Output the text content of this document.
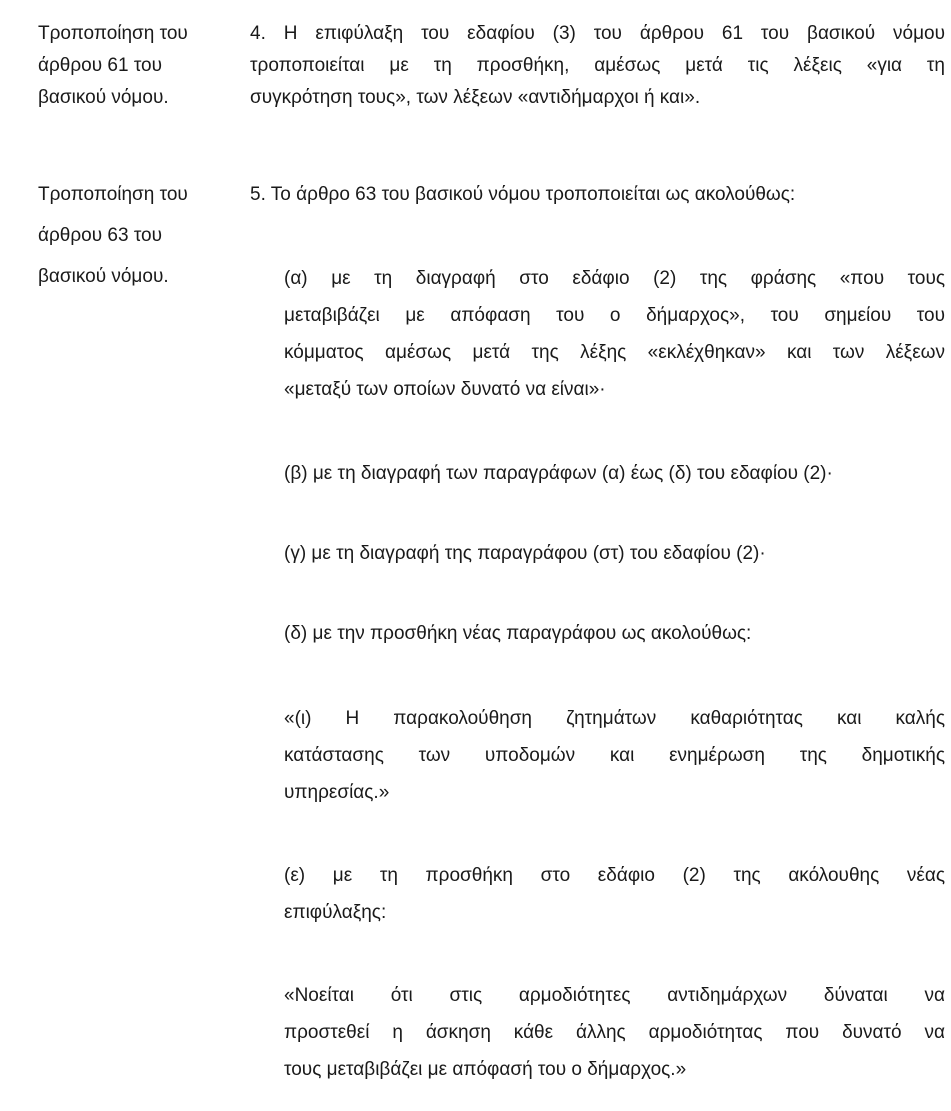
Τροποποίηση του
άρθρου 61 του
βασικού νόμου.
4. Η επιφύλαξη του εδαφίου (3) του άρθρου 61 του βασικού νόμου
τροποποιείται με τη προσθήκη, αμέσως μετά τις λέξεις «για τη
συγκρότηση τους», των λέξεων «αντιδήμαρχοι ή και».
Τροποποίηση του
άρθρου 63 του
βασικού νόμου.
5. Το άρθρο 63 του βασικού νόμου τροποποιείται ως ακολούθως:
(α) με τη διαγραφή στο εδάφιο (2) της φράσης «που τους
μεταβιβάζει με απόφαση του ο δήμαρχος», του σημείου του
κόμματος αμέσως μετά της λέξης «εκλέχθηκαν» και των λέξεων
«μεταξύ των οποίων δυνατό να είναι»·
(β) με τη διαγραφή των παραγράφων (α) έως (δ) του εδαφίου (2)·
(γ) με τη διαγραφή της παραγράφου (στ) του εδαφίου (2)·
(δ) με την προσθήκη νέας παραγράφου ως ακολούθως:
«(ι) Η παρακολούθηση ζητημάτων καθαριότητας και καλής
κατάστασης των υποδομών και ενημέρωση της δημοτικής
υπηρεσίας.»
(ε) με τη προσθήκη στο εδάφιο (2) της ακόλουθης νέας
επιφύλαξης:
«Νοείται ότι στις αρμοδιότητες αντιδημάρχων δύναται να
προστεθεί η άσκηση κάθε άλλης αρμοδιότητας που δυνατό να
τους μεταβιβάζει με απόφασή του ο δήμαρχος.»
